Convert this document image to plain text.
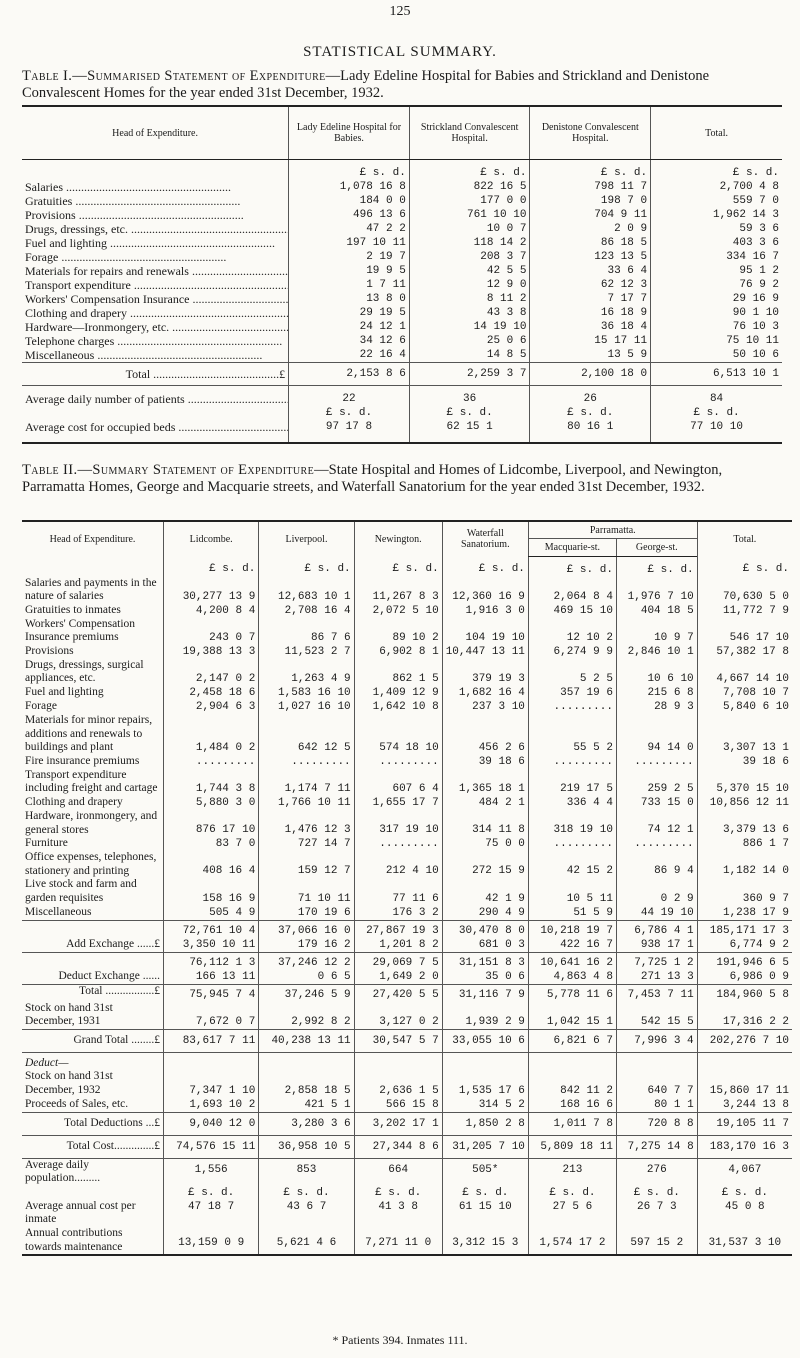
125
STATISTICAL SUMMARY.
Table I.—Summarised Statement of Expenditure—Lady Edeline Hospital for Babies and Strickland and Denistone Convalescent Homes for the year ended 31st December, 1932.
Head of Expenditure.	Lady Edeline Hospital for Babies.	Strickland Convalescent Hospital.	Denistone Convalescent Hospital.	Total.
	£ s. d.	£ s. d.	£ s. d.	£ s. d.
Salaries .....	1,078 16 8	822 16 5	798 11 7	2,700 4 8
Gratuities .....	184 0 0	177 0 0	198 7 0	559 7 0
Provisions .....	496 13 6	761 10 10	704 9 11	1,962 14 3
Drugs, dressings, etc. .....	47 2 2	10 0 7	2 0 9	59 3 6
Fuel and lighting .....	197 10 11	118 14 2	86 18 5	403 3 6
Forage .....	2 19 7	208 3 7	123 13 5	334 16 7
Materials for repairs and renewals .....	19 9 5	42 5 5	33 6 4	95 1 2
Transport expenditure .....	1 7 11	12 9 0	62 12 3	76 9 2
Workers' Compensation Insurance .....	13 8 0	8 11 2	7 17 7	29 16 9
Clothing and drapery .....	29 19 5	43 3 8	16 18 9	90 1 10
Hardware—Ironmongery, etc. .....	24 12 1	14 19 10	36 18 4	76 10 3
Telephone charges .....	34 12 6	25 0 6	15 17 11	75 10 11
Miscellaneous .....	22 16 4	14 8 5	13 5 9	50 10 6
Total ..........................................£	2,153 8 6	2,259 3 7	2,100 18 0	6,513 10 1
Average daily number of patients .....	22	36	26	84
	£ s. d.	£ s. d.	£ s. d.	£ s. d.
Average cost for occupied beds .....	97 17 8	62 15 1	80 16 1	77 10 10
Table II.—Summary Statement of Expenditure—State Hospital and Homes of Lidcombe, Liverpool, and Newington, Parramatta Homes, George and Macquarie streets, and Waterfall Sanatorium for the year ended 31st December, 1932.
Head of Expenditure.	Lidcombe.	Liverpool.	Newington.	Waterfall Sanatorium.	Parramatta.		Total.
					Macquarie-st.	George-st.	
	£ s. d.	£ s. d.	£ s. d.	£ s. d.	£ s. d.	£ s. d.	£ s. d.
Salaries and payments in the nature of salaries	30,277 13 9	12,683 10 1	11,267 8 3	12,360 16 9	2,064 8 4	1,976 7 10	70,630 5 0
Gratuities to inmates	4,200 8 4	2,708 16 4	2,072 5 10	1,916 3 0	469 15 10	404 18 5	11,772 7 9
Workers' Compensation Insurance premiums	243 0 7	86 7 6	89 10 2	104 19 10	12 10 2	10 9 7	546 17 10
Provisions	19,388 13 3	11,523 2 7	6,902 8 1	10,447 13 11	6,274 9 9	2,846 10 1	57,382 17 8
Drugs, dressings, surgical appliances, etc.	2,147 0 2	1,263 4 9	862 1 5	379 19 3	5 2 5	10 6 10	4,667 14 10
Fuel and lighting	2,458 18 6	1,583 16 10	1,409 12 9	1,682 16 4	357 19 6	215 6 8	7,708 10 7
Forage	2,904 6 3	1,027 16 10	1,642 10 8	237 3 10	.........	28 9 3	5,840 6 10
Materials for minor repairs, additions and renewals to buildings and plant	1,484 0 2	642 12 5	574 18 10	456 2 6	55 5 2	94 14 0	3,307 13 1
Fire insurance premiums	.........	.........	.........	39 18 6	.........	.........	39 18 6
Transport expenditure including freight and cartage	1,744 3 8	1,174 7 11	607 6 4	1,365 18 1	219 17 5	259 2 5	5,370 15 10
Clothing and drapery	5,880 3 0	1,766 10 11	1,655 17 7	484 2 1	336 4 4	733 15 0	10,856 12 11
Hardware, ironmongery, and general stores	876 17 10	1,476 12 3	317 19 10	314 11 8	318 19 10	74 12 1	3,379 13 6
Furniture	83 7 0	727 14 7	.........	75 0 0	.........	.........	886 1 7
Office expenses, telephones, stationery and printing	408 16 4	159 12 7	212 4 10	272 15 9	42 15 2	86 9 4	1,182 14 0
Live stock and farm and garden requisites	158 16 9	71 10 11	77 11 6	42 1 9	10 5 11	0 2 9	360 9 7
Miscellaneous	505 4 9	170 19 6	176 3 2	290 4 9	51 5 9	44 19 10	1,238 17 9
	72,761 10 4	37,066 16 0	27,867 19 3	30,470 8 0	10,218 19 7	6,786 4 1	185,171 17 3
Add Exchange ......£	3,350 10 11	179 16 2	1,201 8 2	681 0 3	422 16 7	938 17 1	6,774 9 2
	76,112 1 3	37,246 12 2	29,069 7 5	31,151 8 3	10,641 16 2	7,725 1 2	191,946 6 5
Deduct Exchange ......	166 13 11	0 6 5	1,649 2 0	35 0 6	4,863 4 8	271 13 3	6,986 0 9
Total .................£	75,945 7 4	37,246 5 9	27,420 5 5	31,116 7 9	5,778 11 6	7,453 7 11	184,960 5 8
Stock on hand 31st December, 1931	7,672 0 7	2,992 8 2	3,127 0 2	1,939 2 9	1,042 15 1	542 15 5	17,316 2 2
Grand Total ........£	83,617 7 11	40,238 13 11	30,547 5 7	33,055 10 6	6,821 6 7	7,996 3 4	202,276 7 10
Deduct—							
Stock on hand 31st December, 1932	7,347 1 10	2,858 18 5	2,636 1 5	1,535 17 6	842 11 2	640 7 7	15,860 17 11
Proceeds of Sales, etc.	1,693 10 2	421 5 1	566 15 8	314 5 2	168 16 6	80 1 1	3,244 13 8
Total Deductions ...£	9,040 12 0	3,280 3 6	3,202 17 1	1,850 2 8	1,011 7 8	720 8 8	19,105 11 7
Total Cost..............£	74,576 15 11	36,958 10 5	27,344 8 6	31,205 7 10	5,809 18 11	7,275 14 8	183,170 16 3
Average daily population.........	1,556	853	664	505*	213	276	4,067
	£ s. d.	£ s. d.	£ s. d.	£ s. d.	£ s. d.	£ s. d.	£ s. d.
Average annual cost per inmate	47 18 7	43 6 7	41 3 8	61 15 10	27 5 6	26 7 3	45 0 8
Annual contributions towards maintenance	13,159 0 9	5,621 4 6	7,271 11 0	3,312 15 3	1,574 17 2	597 15 2	31,537 3 10
* Patients 394. Inmates 111.
